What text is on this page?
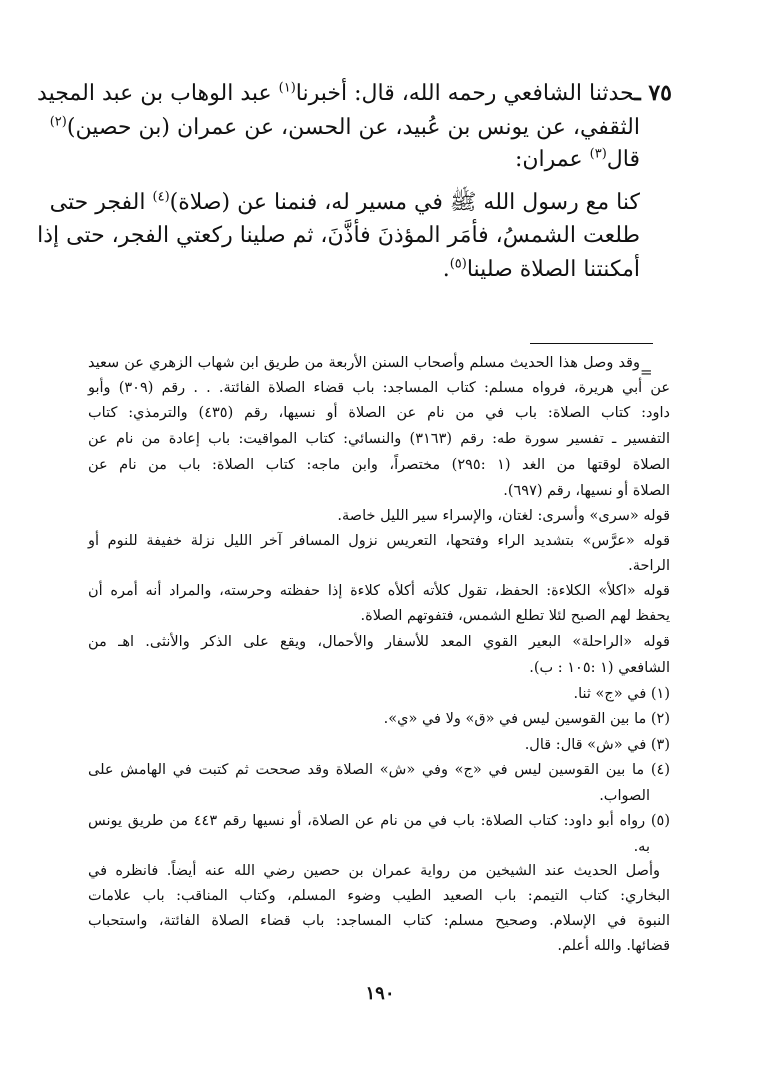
٧٥ ـحدثنا الشافعي رحمه الله، قال: أخبرنا$^{(١)}$ عبد الوهاب بن عبد المجيد
الثقفي، عن يونس بن عُبيد، عن الحسن، عن عمران (بن حصين)$^{(٢)}$
قال$^{(٣)}$ عمران:
كنا مع رسول الله ﷺ في مسير له، فنمنا عن (صلاة)$^{(٤)}$ الفجر حتى
طلعت الشمسُ، فأمَر المؤذنَ فأذَّنَ، ثم صلينا ركعتي الفجر، حتى إذا
أمكنتنا الصلاة صلينا$^{(٥)}$.
=
وقد وصل هذا الحديث مسلم وأصحاب السنن الأربعة من طريق ابن شهاب الزهري عن سعيد
عن أبي هريرة، فرواه مسلم: كتاب المساجد: باب قضاء الصلاة الفائتة. . . رقم (٣٠٩) وأبو
داود: كتاب الصلاة: باب في من نام عن الصلاة أو نسيها، رقم (٤٣٥) والترمذي: كتاب
التفسير ـ تفسير سورة طه: رقم (٣١٦٣) والنسائي: كتاب المواقيت: باب إعادة من نام عن
الصلاة لوقتها من الغد (١ :٢٩٥) مختصراً، وابن ماجه: كتاب الصلاة: باب من نام عن
الصلاة أو نسيها، رقم (٦٩٧).
قوله «سرى» وأسرى: لغتان، والإسراء سير الليل خاصة.
قوله «عرَّس» بتشديد الراء وفتحها، التعريس نزول المسافر آخر الليل نزلة خفيفة للنوم أو
الراحة.
قوله «اكلأ» الكلاءة: الحفظ، تقول كلأته أكلأه كلاءة إذا حفظته وحرسته، والمراد أنه أمره أن
يحفظ لهم الصبح لئلا تطلع الشمس، فتفوتهم الصلاة.
قوله «الراحلة» البعير القوي المعد للأسفار والأحمال، ويقع على الذكر والأنثى. اهـ من
الشافعي (١ :١٠٥ : ب).
(١) في «ج» ثنا.
(٢) ما بين القوسين ليس في «ق» ولا في «ي».
(٣) في «ش» قال: قال.
(٤) ما بين القوسين ليس في «ج» وفي «ش» الصلاة وقد صححت ثم كتبت في الهامش على
الصواب.
(٥) رواه أبو داود: كتاب الصلاة: باب في من نام عن الصلاة، أو نسيها رقم ٤٤٣ من طريق يونس
به.
وأصل الحديث عند الشيخين من رواية عمران بن حصين رضي الله عنه أيضاً. فانظره في
البخاري: كتاب التيمم: باب الصعيد الطيب وضوء المسلم، وكتاب المناقب: باب علامات
النبوة في الإسلام. وصحيح مسلم: كتاب المساجد: باب قضاء الصلاة الفائتة، واستحباب
قضائها. والله أعلم.
١٩٠
